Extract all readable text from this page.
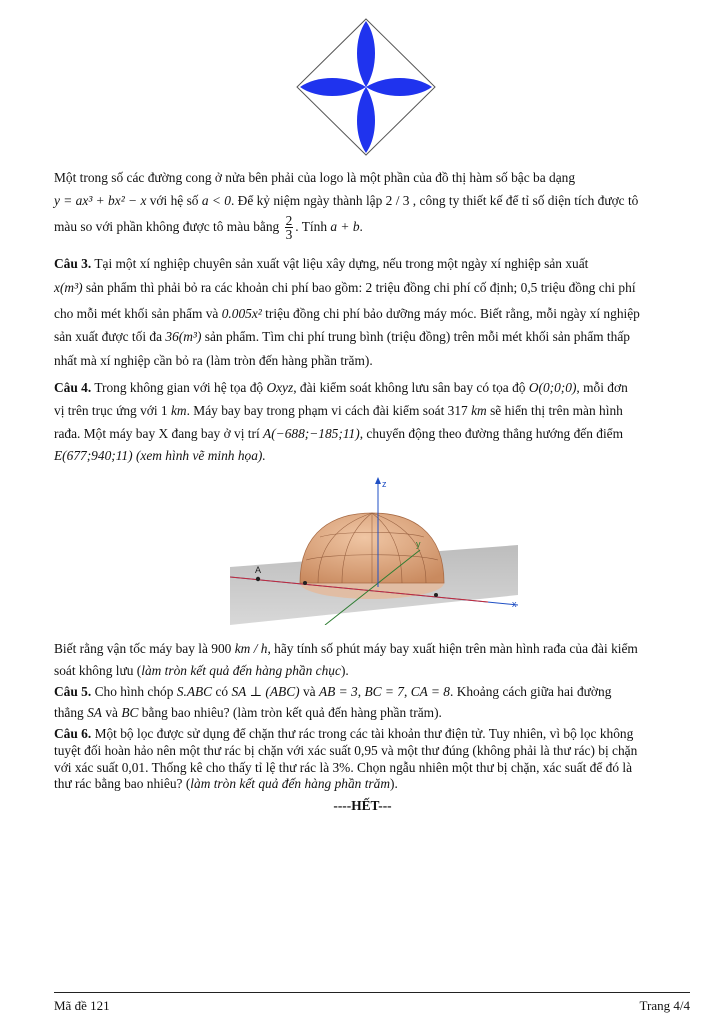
Một trong số các đường cong ở nửa bên phải của logo là một phần của đồ thị hàm số bậc ba dạng

y = ax³ + bx² − x với hệ số a < 0. Để kỷ niệm ngày thành lập 2 / 3 , công ty thiết kế để tỉ số diện tích được tô

màu so với phần không được tô màu bằng $\frac{2}{3}$ . Tính a + b.

Câu 3. Tại một xí nghiệp chuyên sản xuất vật liệu xây dựng, nếu trong một ngày xí nghiệp sản xuất

x(m³) sản phẩm thì phải bỏ ra các khoản chi phí bao gồm: 2 triệu đồng chi phí cố định; 0,5 triệu đồng chi phí

cho mỗi mét khối sản phẩm và 0.005x² triệu đồng chi phí bảo dưỡng máy móc. Biết rằng, mỗi ngày xí nghiệp

sản xuất được tối đa 36(m³) sản phẩm. Tìm chi phí trung bình (triệu đồng) trên mỗi mét khối sản phẩm thấp

nhất mà xí nghiệp cần bỏ ra (làm tròn đến hàng phần trăm).

Câu 4. Trong không gian với hệ tọa độ Oxyz, đài kiểm soát không lưu sân bay có tọa độ O(0;0;0), mỗi đơn

vị trên trục ứng với 1 km. Máy bay bay trong phạm vi cách đài kiểm soát 317 km sẽ hiển thị trên màn hình

rađa. Một máy bay X đang bay ở vị trí A(−688;−185;11), chuyển động theo đường thẳng hướng đến điểm

E(677;940;11) (xem hình vẽ minh họa).

z
x
y
A

Biết rằng vận tốc máy bay là 900 km / h, hãy tính số phút máy bay xuất hiện trên màn hình rađa của đài kiểm

soát không lưu (làm tròn kết quả đến hàng phần chục).

Câu 5. Cho hình chóp S.ABC có SA ⊥ (ABC) và AB = 3, BC = 7, CA = 8. Khoảng cách giữa hai đường

thẳng SA và BC bằng bao nhiêu? (làm tròn kết quả đến hàng phần trăm).

Câu 6. Một bộ lọc được sử dụng để chặn thư rác trong các tài khoản thư điện tử. Tuy nhiên, vì bộ lọc không

tuyệt đối hoàn hảo nên một thư rác bị chặn với xác suất 0,95 và một thư đúng (không phải là thư rác) bị chặn

với xác suất 0,01. Thống kê cho thấy tỉ lệ thư rác là 3%. Chọn ngẫu nhiên một thư bị chặn, xác suất để đó là

thư rác bằng bao nhiêu? (làm tròn kết quả đến hàng phần trăm).

----HẾT---
Mã đề 121	Trang 4/4
